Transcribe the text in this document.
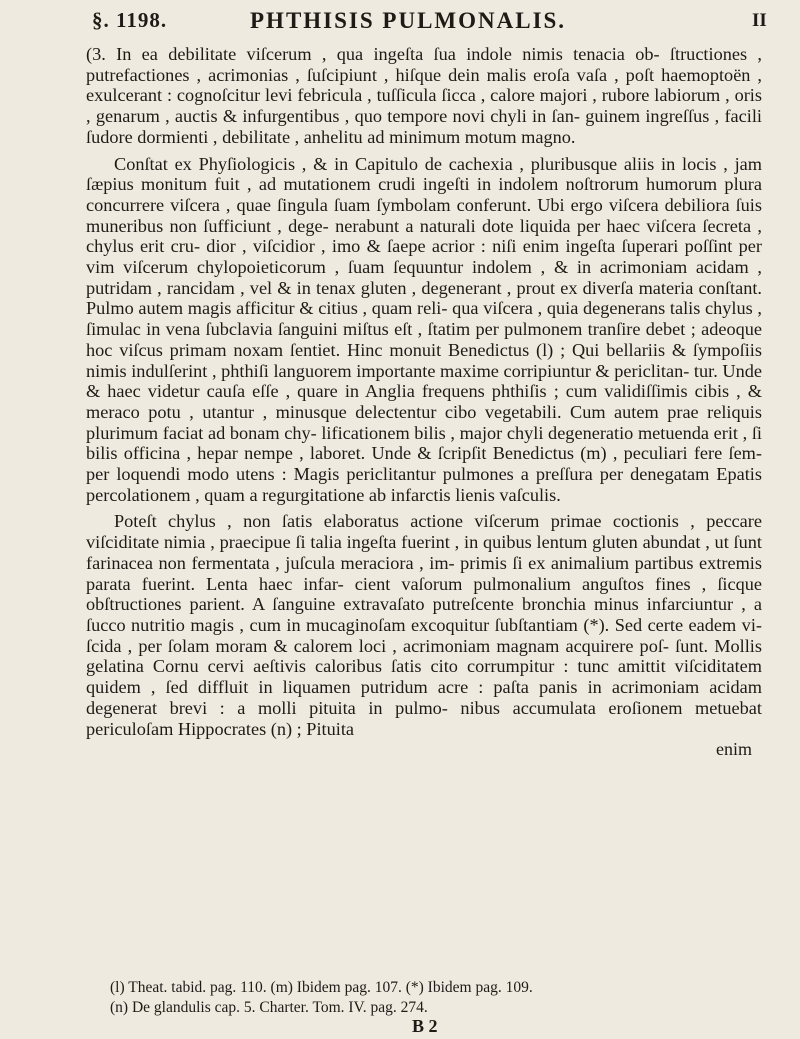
§. 1198.	PHTHISIS PULMONALIS.	II

(3. In ea debilitate viſcerum , qua ingeſta ſua indole nimis tenacia ob- ſtructiones , putrefactiones , acrimonias , ſuſcipiunt , hiſque dein malis eroſa vaſa , poſt haemoptoën , exulcerant : cognoſcitur levi febricula , tuſſicula ſicca , calore majori , rubore labiorum , oris , genarum , auctis & infurgentibus , quo tempore novi chyli in ſan- guinem ingreſſus , facili ſudore dormienti , debilitate , anhelitu ad minimum motum magno.

Conſtat ex Phyſiologicis , & in Capitulo de cachexia , pluribusque aliis in locis , jam ſæpius monitum fuit , ad mutationem crudi ingeſti in indolem noſtrorum humorum plura concurrere viſcera , quae ſingula ſuam ſymbolam conferunt. Ubi ergo viſcera debiliora ſuis muneribus non ſufficiunt , dege- nerabunt a naturali dote liquida per haec viſcera ſecreta , chylus erit cru- dior , viſcidior , imo & ſaepe acrior : niſi enim ingeſta ſuperari poſſint per vim viſcerum chylopoieticorum , ſuam ſequuntur indolem , & in acrimoniam acidam , putridam , rancidam , vel & in tenax gluten , degenerant , prout ex diverſa materia conſtant. Pulmo autem magis afficitur & citius , quam reli- qua viſcera , quia degenerans talis chylus , ſimulac in vena ſubclavia ſanguini miſtus eſt , ſtatim per pulmonem tranſire debet ; adeoque hoc viſcus primam noxam ſentiet. Hinc monuit Benedictus (l) ; Qui bellariis & ſympoſiis nimis indulſerint , phthiſi languorem importante maxime corripiuntur & periclitan- tur. Unde & haec videtur cauſa eſſe , quare in Anglia frequens phthiſis ; cum validiſſimis cibis , & meraco potu , utantur , minusque delectentur cibo vegetabili. Cum autem prae reliquis plurimum faciat ad bonam chy- lificationem bilis , major chyli degeneratio metuenda erit , ſi bilis officina , hepar nempe , laboret. Unde & ſcripſit Benedictus (m) , peculiari fere ſem- per loquendi modo utens : Magis periclitantur pulmones a preſſura per denegatam Epatis percolationem , quam a regurgitatione ab infarctis lienis vaſculis.

Poteſt chylus , non ſatis elaboratus actione viſcerum primae coctionis , peccare viſciditate nimia , praecipue ſi talia ingeſta fuerint , in quibus lentum gluten abundat , ut ſunt farinacea non fermentata , juſcula meraciora , im- primis ſi ex animalium partibus extremis parata fuerint. Lenta haec infar- cient vaſorum pulmonalium anguſtos fines , ſicque obſtructiones parient. A ſanguine extravaſato putreſcente bronchia minus infarciuntur , a ſucco nutritio magis , cum in mucaginoſam excoquitur ſubſtantiam (*). Sed certe eadem vi- ſcida , per ſolam moram & calorem loci , acrimoniam magnam acquirere poſ- ſunt. Mollis gelatina Cornu cervi aeſtivis caloribus ſatis cito corrumpitur : tunc amittit viſciditatem quidem , ſed diffluit in liquamen putridum acre : paſta panis in acrimoniam acidam degenerat brevi : a molli pituita in pulmo- nibus accumulata eroſionem metuebat periculoſam Hippocrates (n) ; Pituita

enim

(l) Theat. tabid. pag. 110. (m) Ibidem pag. 107. (*) Ibidem pag. 109.
(n) De glandulis cap. 5. Charter. Tom. IV. pag. 274.
B 2
